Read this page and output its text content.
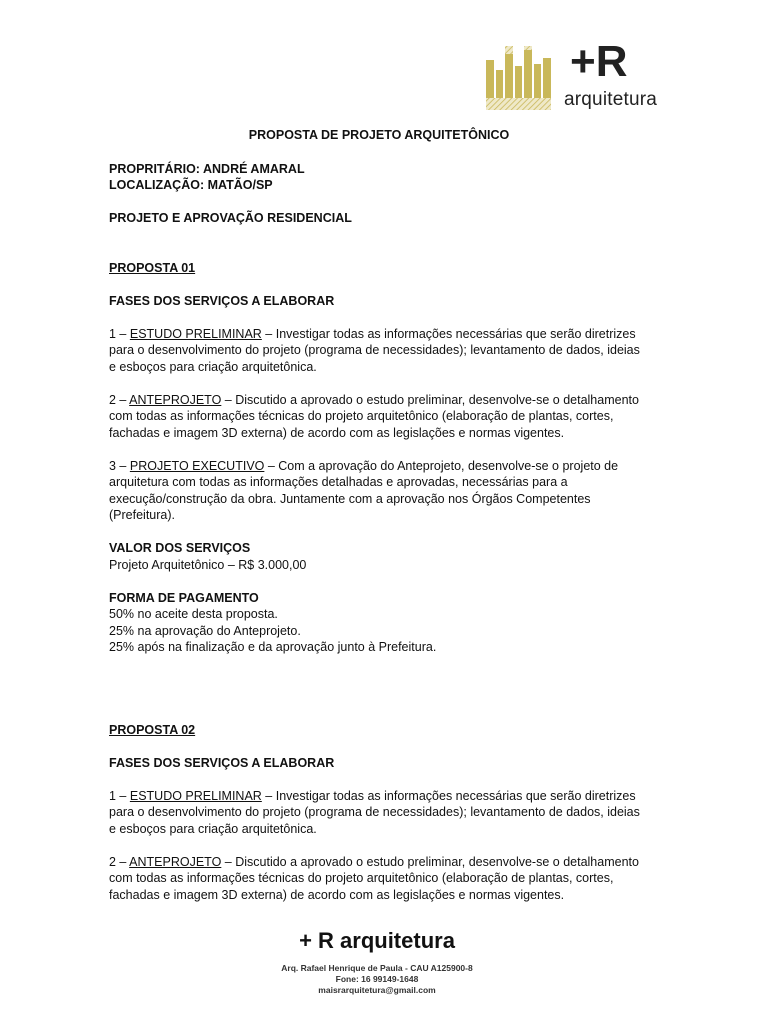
+R
arquitetura

PROPOSTA DE PROJETO ARQUITETÔNICO

PROPRITÁRIO: ANDRÉ AMARAL

LOCALIZAÇÃO: MATÃO/SP

PROJETO E APROVAÇÃO RESIDENCIAL

PROPOSTA 01

FASES DOS SERVIÇOS A ELABORAR

1 – ESTUDO PRELIMINAR – Investigar todas as informações necessárias que serão diretrizes para o desenvolvimento do projeto (programa de necessidades); levantamento de dados, ideias e esboços para criação arquitetônica.

2 – ANTEPROJETO – Discutido a aprovado o estudo preliminar, desenvolve-se o detalhamento com todas as informações técnicas do projeto arquitetônico (elaboração de plantas, cortes, fachadas e imagem 3D externa) de acordo com as legislações e normas vigentes.

3 – PROJETO EXECUTIVO – Com a aprovação do Anteprojeto, desenvolve-se o projeto de arquitetura com todas as informações detalhadas e aprovadas, necessárias para a execução/construção da obra. Juntamente com a aprovação nos Órgãos Competentes (Prefeitura).

VALOR DOS SERVIÇOS

Projeto Arquitetônico – R$ 3.000,00

FORMA DE PAGAMENTO

50% no aceite desta proposta.

25% na aprovação do Anteprojeto.

25% após na finalização e da aprovação junto à Prefeitura.

PROPOSTA 02

FASES DOS SERVIÇOS A ELABORAR

1 – ESTUDO PRELIMINAR – Investigar todas as informações necessárias que serão diretrizes para o desenvolvimento do projeto (programa de necessidades); levantamento de dados, ideias e esboços para criação arquitetônica.

2 – ANTEPROJETO – Discutido a aprovado o estudo preliminar, desenvolve-se o detalhamento com todas as informações técnicas do projeto arquitetônico (elaboração de plantas, cortes, fachadas e imagem 3D externa) de acordo com as legislações e normas vigentes.

+ R arquitetura
Arq. Rafael Henrique de Paula - CAU A125900-8
Fone: 16 99149-1648
maisrarquitetura@gmail.com
